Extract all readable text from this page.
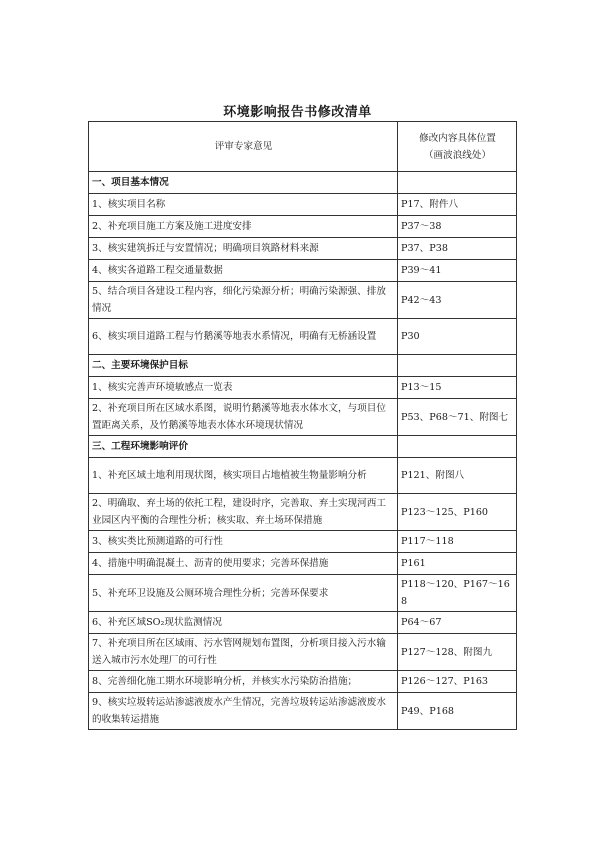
环境影响报告书修改清单
评审专家意见	修改内容具体位置
（画波浪线处）

一、项目基本情况	
1、核实项目名称	P17、附件八
2、补充项目施工方案及施工进度安排	P37～38
3、核实建筑拆迁与安置情况；明确项目筑路材料来源	P37、P38
4、核实各道路工程交通量数据	P39～41
5、结合项目各建设工程内容，细化污染源分析；明确污染源强、排放情况	P42～43
6、核实项目道路工程与竹鹅溪等地表水系情况，明确有无桥涵设置	P30
二、主要环境保护目标	
1、核实完善声环境敏感点一览表	P13～15
2、补充项目所在区域水系图，说明竹鹅溪等地表水体水文，与项目位置距离关系，及竹鹅溪等地表水体水环境现状情况	P53、P68～71、附图七
三、工程环境影响评价	
1、补充区域土地利用现状图，核实项目占地植被生物量影响分析	P121、附图八
2、明确取、弃土场的依托工程，建设时序，完善取、弃土实现河西工业园区内平衡的合理性分析；核实取、弃土场环保措施	P123～125、P160
3、核实类比预测道路的可行性	P117～118
4、措施中明确混凝土、沥青的使用要求；完善环保措施	P161
5、补充环卫设施及公厕环境合理性分析；完善环保要求	P118～120、P167～168
6、补充区域SO₂现状监测情况	P64～67
7、补充项目所在区域雨、污水管网规划布置图，分析项目接入污水输送入城市污水处理厂的可行性	P127～128、附图九
8、完善细化施工期水环境影响分析，并核实水污染防治措施；	P126～127、P163
9、核实垃圾转运站渗滤液废水产生情况，完善垃圾转运站渗滤液废水的收集转运措施	P49、P168
